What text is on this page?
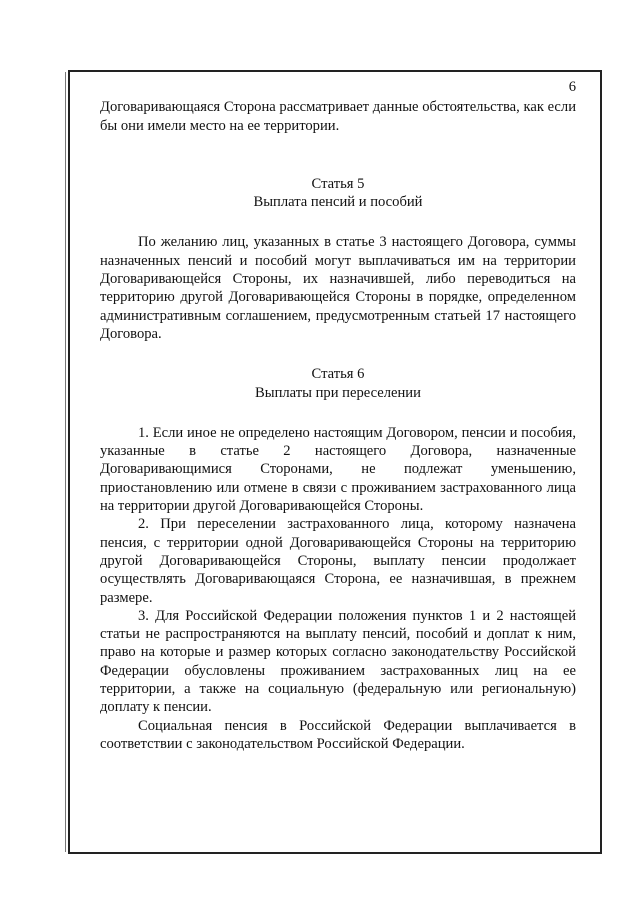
6

Договаривающаяся Сторона рассматривает данные обстоятельства, как если бы они имели место на ее территории.

Статья 5
Выплата пенсий и пособий

По желанию лиц, указанных в статье 3 настоящего Договора, суммы назначенных пенсий и пособий могут выплачиваться им на территории Договаривающейся Стороны, их назначившей, либо переводиться на территорию другой Договаривающейся Стороны в порядке, определенном административным соглашением, предусмотренным статьей 17 настоящего Договора.

Статья 6
Выплаты при переселении

1. Если иное не определено настоящим Договором, пенсии и пособия, указанные в статье 2 настоящего Договора, назначенные Договаривающимися Сторонами, не подлежат уменьшению, приостановлению или отмене в связи с проживанием застрахованного лица на территории другой Договаривающейся Стороны.

2. При переселении застрахованного лица, которому назначена пенсия, с территории одной Договаривающейся Стороны на территорию другой Договаривающейся Стороны, выплату пенсии продолжает осуществлять Договаривающаяся Сторона, ее назначившая, в прежнем размере.

3. Для Российской Федерации положения пунктов 1 и 2 настоящей статьи не распространяются на выплату пенсий, пособий и доплат к ним, право на которые и размер которых согласно законодательству Российской Федерации обусловлены проживанием застрахованных лиц на ее территории, а также на социальную (федеральную или региональную) доплату к пенсии.

Социальная пенсия в Российской Федерации выплачивается в соответствии с законодательством Российской Федерации.
